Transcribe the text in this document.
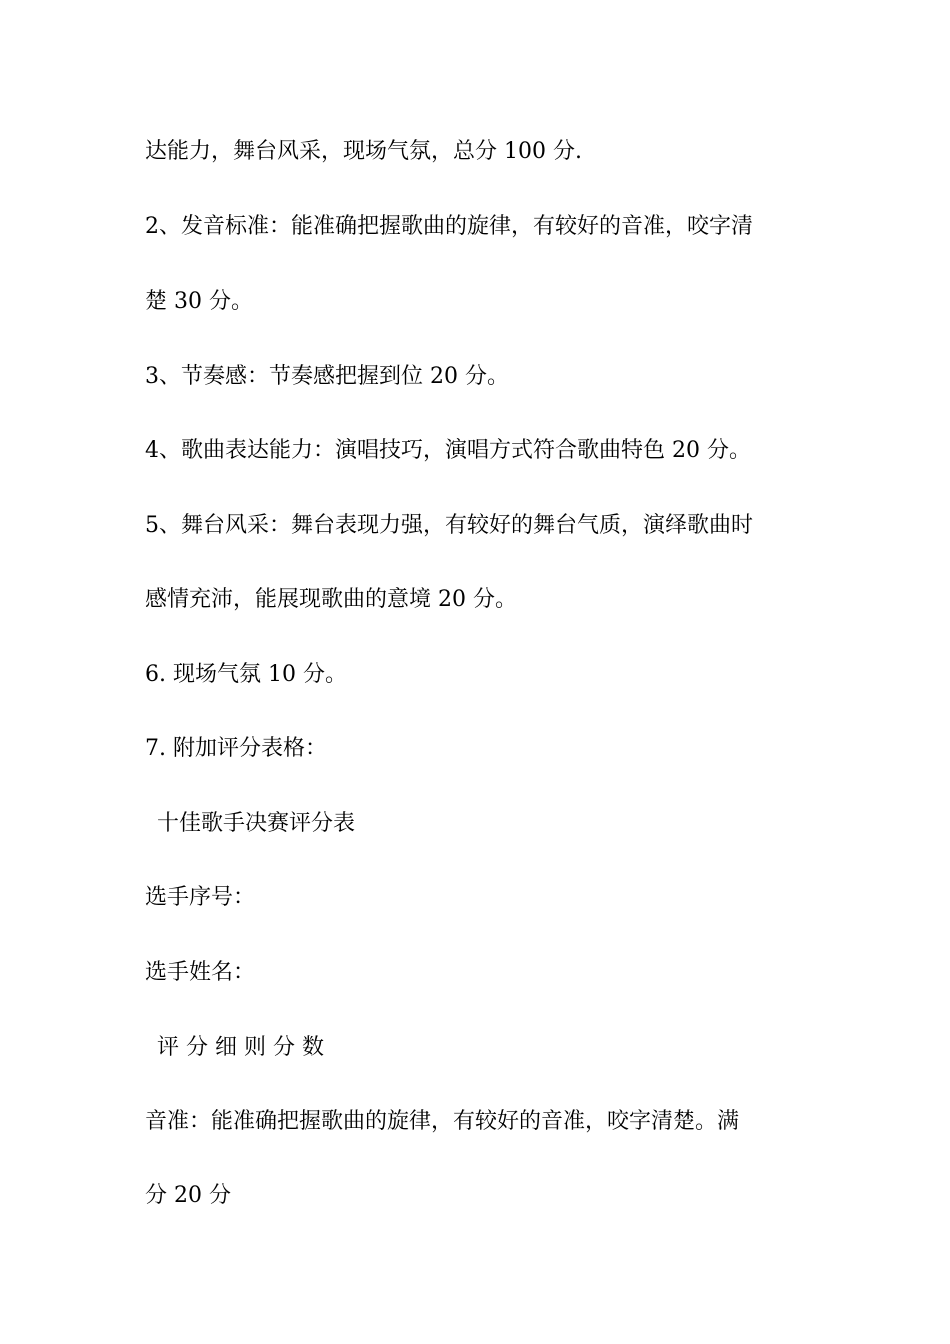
达能力，舞台风采，现场气氛，总分 100 分.
2、发音标准：能准确把握歌曲的旋律，有较好的音准，咬字清
楚 30 分。
3、节奏感：节奏感把握到位 20 分。
4、歌曲表达能力：演唱技巧，演唱方式符合歌曲特色 20 分。
5、舞台风采：舞台表现力强，有较好的舞台气质，演绎歌曲时
感情充沛，能展现歌曲的意境 20 分。
6. 现场气氛 10 分。
7. 附加评分表格：
十佳歌手决赛评分表
选手序号：
选手姓名：
评 分 细 则 分 数
音准：能准确把握歌曲的旋律，有较好的音准，咬字清楚。满
分 20 分
